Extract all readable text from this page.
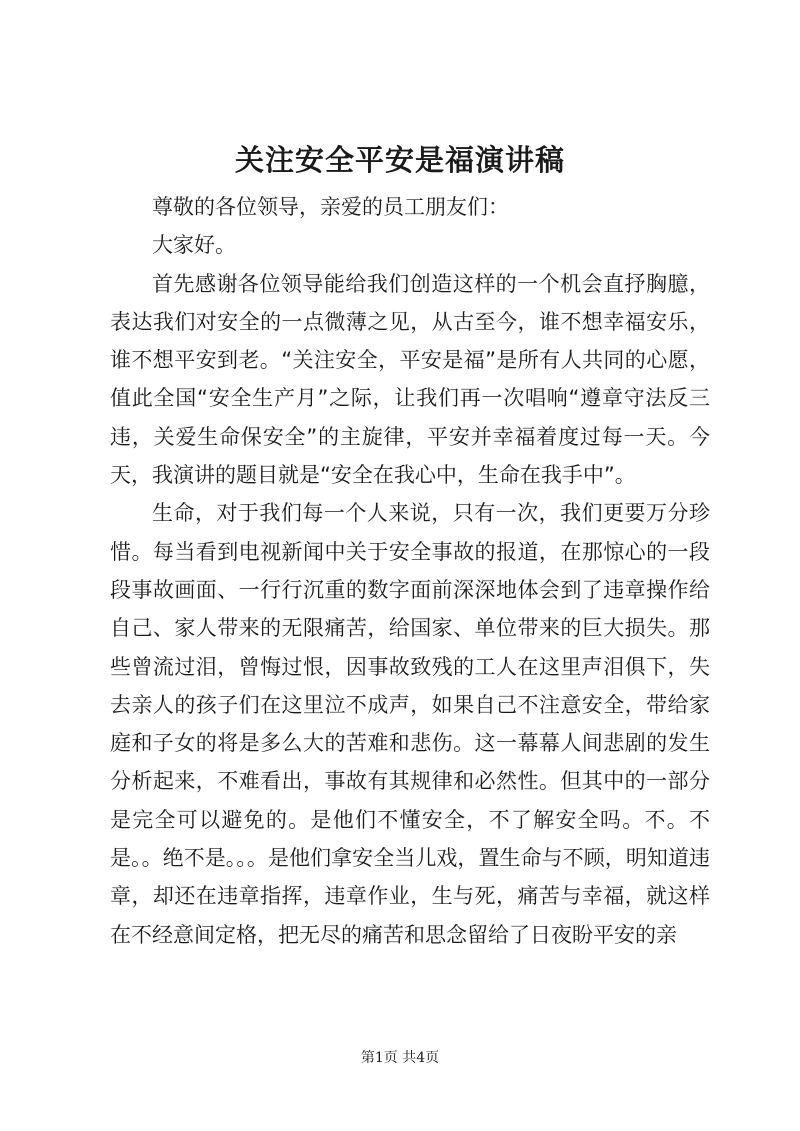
关注安全平安是福演讲稿

尊敬的各位领导，亲爱的员工朋友们：

大家好。

首先感谢各位领导能给我们创造这样的一个机会直抒胸臆，表达我们对安全的一点微薄之见，从古至今，谁不想幸福安乐，谁不想平安到老。“关注安全，平安是福”是所有人共同的心愿，值此全国“安全生产月”之际，让我们再一次唱响“遵章守法反三违，关爱生命保安全”的主旋律，平安并幸福着度过每一天。今天，我演讲的题目就是“安全在我心中，生命在我手中”。

生命，对于我们每一个人来说，只有一次，我们更要万分珍惜。每当看到电视新闻中关于安全事故的报道，在那惊心的一段段事故画面、一行行沉重的数字面前深深地体会到了违章操作给自己、家人带来的无限痛苦，给国家、单位带来的巨大损失。那些曾流过泪，曾悔过恨，因事故致残的工人在这里声泪俱下，失去亲人的孩子们在这里泣不成声，如果自己不注意安全，带给家庭和子女的将是多么大的苦难和悲伤。这一幕幕人间悲剧的发生分析起来，不难看出，事故有其规律和必然性。但其中的一部分是完全可以避免的。是他们不懂安全，不了解安全吗。不。不是。。绝不是。。。是他们拿安全当儿戏，置生命与不顾，明知道违章，却还在违章指挥，违章作业，生与死，痛苦与幸福，就这样在不经意间定格，把无尽的痛苦和思念留给了日夜盼平安的亲

第1页 共4页
